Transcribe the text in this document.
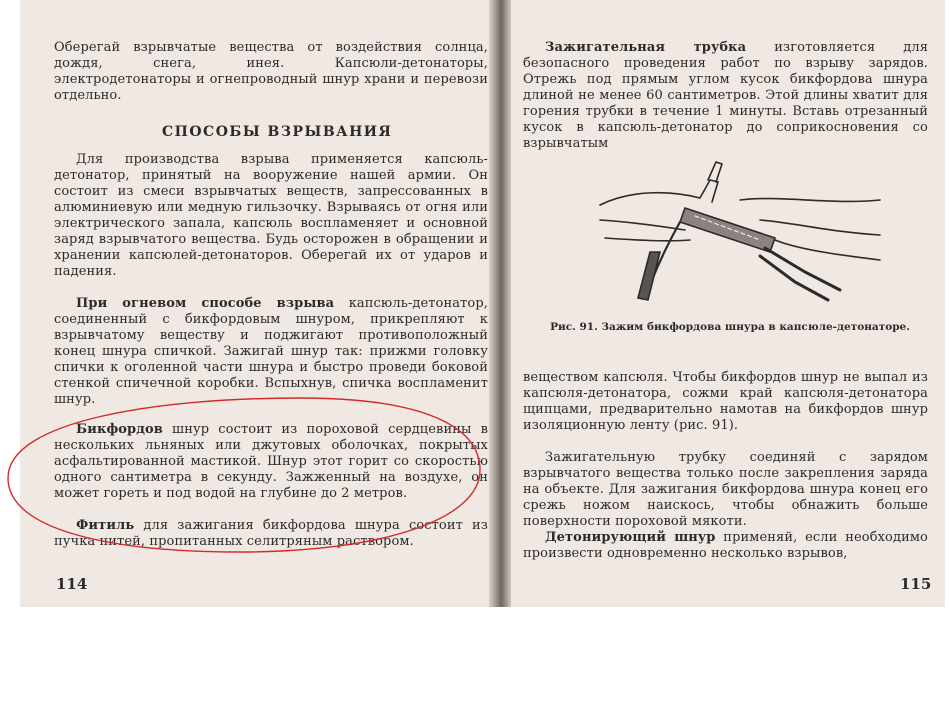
Оберегай взрывчатые вещества от воздействия солнца, дождя, снега, инея. Капсюли-детонаторы, электродетонаторы и огнепроводный шнур храни и перевози отдельно.

СПОСОБЫ ВЗРЫВАНИЯ

Для производства взрыва применяется капсюль-детонатор, принятый на вооружение нашей армии. Он состоит из смеси взрывчатых веществ, запрессованных в алюминиевую или медную гильзочку. Взрываясь от огня или электрического запала, капсюль воспламеняет и основной заряд взрывчатого вещества. Будь осторожен в обращении и хранении капсюлей-детонаторов. Оберегай их от ударов и падения.

При огневом способе взрыва капсюль-детонатор, соединенный с бикфордовым шнуром, прикрепляют к взрывчатому веществу и поджигают противоположный конец шнура спичкой. Зажигай шнур так: прижми головку спички к оголенной части шнура и быстро проведи боковой стенкой спичечной коробки. Вспыхнув, спичка воспламенит шнур.

Бикфордов шнур состоит из пороховой сердцевины в нескольких льняных или джутовых оболочках, покрытых асфальтированной мастикой. Шнур этот горит со скоростью одного сантиметра в секунду. Зажженный на воздухе, он может гореть и под водой на глубине до 2 метров.

Фитиль для зажигания бикфордова шнура состоит из пучка нитей, пропитанных селитряным раствором.

114

Зажигательная трубка изготовляется для безопасного проведения работ по взрыву зарядов. Отрежь под прямым углом кусок бикфордова шнура длиной не менее 60 сантиметров. Этой длины хватит для горения трубки в течение 1 минуты. Вставь отрезанный кусок в капсюль-детонатор до соприкосновения со взрывчатым

Рис. 91. Зажим бикфордова шнура в капсюле-детонаторе.

веществом капсюля. Чтобы бикфордов шнур не выпал из капсюля-детонатора, сожми край капсюля-детонатора щипцами, предварительно намотав на бикфордов шнур изоляционную ленту (рис. 91).

Зажигательную трубку соединяй с зарядом взрывчатого вещества только после закрепления заряда на объекте. Для зажигания бикфордова шнура конец его срежь ножом наискось, чтобы обнажить больше поверхности пороховой мякоти.

Детонирующий шнур применяй, если необходимо произвести одновременно несколько взрывов,

115
